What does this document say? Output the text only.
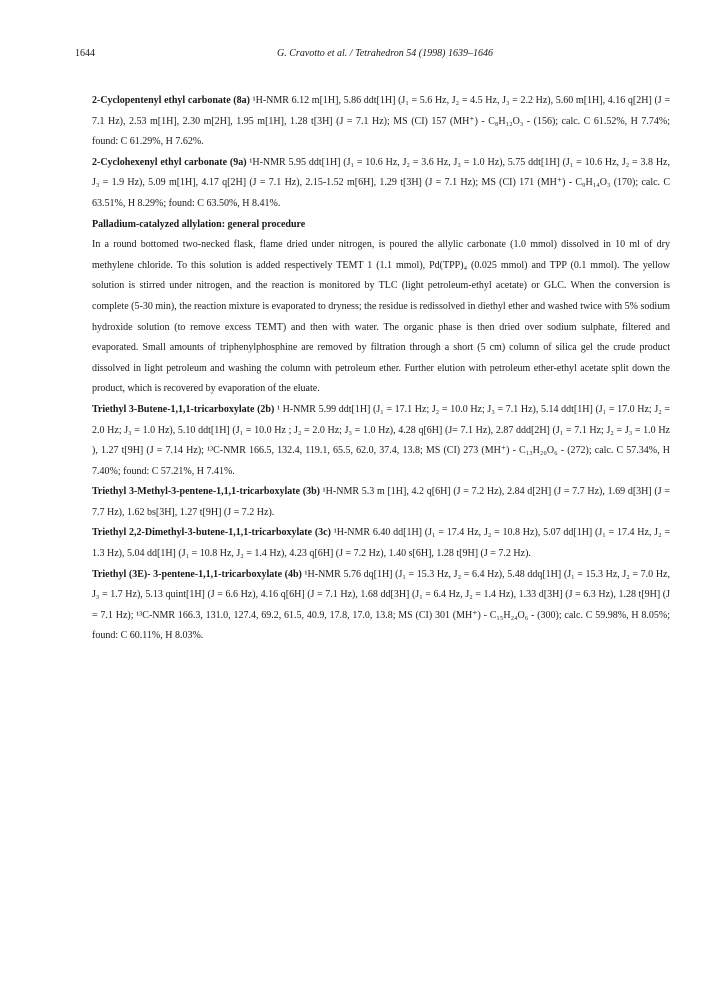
1644	G. Cravotto et al. / Tetrahedron 54 (1998) 1639–1646

2-Cyclopentenyl ethyl carbonate (8a) ¹H-NMR 6.12 m[1H], 5.86 ddt[1H] (J₁ = 5.6 Hz, J₂ = 4.5 Hz, J₃ = 2.2 Hz), 5.60 m[1H], 4.16 q[2H] (J = 7.1 Hz), 2.53 m[1H], 2.30 m[2H], 1.95 m[1H], 1.28 t[3H] (J = 7.1 Hz); MS (CI) 157 (MH⁺) - C₈H₁₂O₃ - (156); calc. C 61.52%, H 7.74%; found: C 61.29%, H 7.62%.

2-Cyclohexenyl ethyl carbonate (9a) ¹H-NMR 5.95 ddt[1H] (J₁ = 10.6 Hz, J₂ = 3.6 Hz, J₃ = 1.0 Hz), 5.75 ddt[1H] (J₁ = 10.6 Hz, J₂ = 3.8 Hz, J₃ = 1.9 Hz), 5.09 m[1H], 4.17 q[2H] (J = 7.1 Hz), 2.15-1.52 m[6H], 1.29 t[3H] (J = 7.1 Hz); MS (CI) 171 (MH⁺) - C₉H₁₄O₃ (170); calc. C 63.51%, H 8.29%; found: C 63.50%, H 8.41%.

Palladium-catalyzed allylation: general procedure

In a round bottomed two-necked flask, flame dried under nitrogen, is poured the allylic carbonate (1.0 mmol) dissolved in 10 ml of dry methylene chloride. To this solution is added respectively TEMT 1 (1.1 mmol), Pd(TPP)₄ (0.025 mmol) and TPP (0.1 mmol). The yellow solution is stirred under nitrogen, and the reaction is monitored by TLC (light petroleum-ethyl acetate) or GLC. When the conversion is complete (5-30 min), the reaction mixture is evaporated to dryness; the residue is redissolved in diethyl ether and washed twice with 5% sodium hydroxide solution (to remove excess TEMT) and then with water. The organic phase is then dried over sodium sulphate, filtered and evaporated. Small amounts of triphenylphosphine are removed by filtration through a short (5 cm) column of silica gel the crude product dissolved in light petroleum and washing the column with petroleum ether. Further elution with petroleum ether-ethyl acetate split down the product, which is recovered by evaporation of the eluate.

Triethyl 3-Butene-1,1,1-tricarboxylate (2b) ¹ H-NMR 5.99 ddt[1H] (J₁ = 17.1 Hz; J₂ = 10.0 Hz; J₃ = 7.1 Hz), 5.14 ddt[1H] (J₁ = 17.0 Hz; J₂ = 2.0 Hz; J₃ = 1.0 Hz), 5.10 ddt[1H] (J₁ = 10.0 Hz ; J₂ = 2.0 Hz; J₃ = 1.0 Hz), 4.28 q[6H] (J= 7.1 Hz), 2.87 ddd[2H] (J₁ = 7.1 Hz; J₂ = J₃ = 1.0 Hz ), 1.27 t[9H] (J = 7.14 Hz); ¹³C-NMR 166.5, 132.4, 119.1, 65.5, 62.0, 37.4, 13.8; MS (CI) 273 (MH⁺) - C₁₃H₂₀O₆ - (272); calc. C 57.34%, H 7.40%; found: C 57.21%, H 7.41%.

Triethyl 3-Methyl-3-pentene-1,1,1-tricarboxylate (3b) ¹H-NMR 5.3 m [1H], 4.2 q[6H] (J = 7.2 Hz), 2.84 d[2H] (J = 7.7 Hz), 1.69 d[3H] (J = 7.7 Hz), 1.62 bs[3H], 1.27 t[9H] (J = 7.2 Hz).

Triethyl 2,2-Dimethyl-3-butene-1,1,1-tricarboxylate (3c) ¹H-NMR 6.40 dd[1H] (J₁ = 17.4 Hz, J₂ = 10.8 Hz), 5.07 dd[1H] (J₁ = 17.4 Hz, J₂ = 1.3 Hz), 5.04 dd[1H] (J₁ = 10.8 Hz, J₂ = 1.4 Hz), 4.23 q[6H] (J = 7.2 Hz), 1.40 s[6H], 1.28 t[9H] (J = 7.2 Hz).

Triethyl (3E)- 3-pentene-1,1,1-tricarboxylate (4b) ¹H-NMR 5.76 dq[1H] (J₁ = 15.3 Hz, J₂ = 6.4 Hz), 5.48 ddq[1H] (J₁ = 15.3 Hz, J₂ = 7.0 Hz, J₃ = 1.7 Hz), 5.13 quint[1H] (J = 6.6 Hz), 4.16 q[6H] (J = 7.1 Hz), 1.68 dd[3H] (J₁ = 6.4 Hz, J₂ = 1.4 Hz), 1.33 d[3H] (J = 6.3 Hz), 1.28 t[9H] (J = 7.1 Hz); ¹³C-NMR 166.3, 131.0, 127.4, 69.2, 61.5, 40.9, 17.8, 17.0, 13.8; MS (CI) 301 (MH⁺) - C₁₅H₂₄O₆ - (300); calc. C 59.98%, H 8.05%; found: C 60.11%, H 8.03%.
